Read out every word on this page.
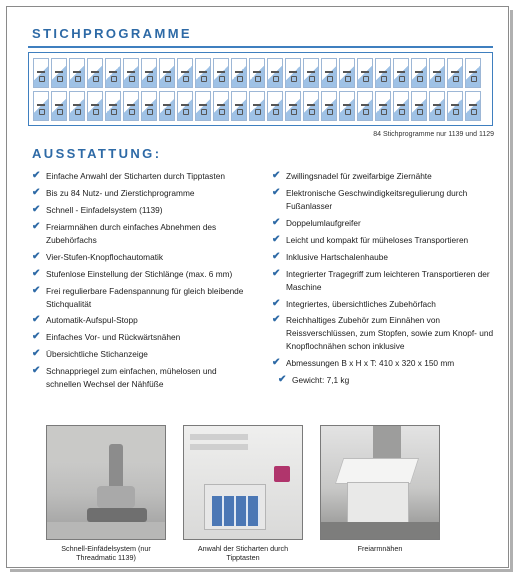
STICHPROGRAMME
84 Stichprogramme nur 1139 und 1129
AUSSTATTUNG:
✔ Einfache Anwahl der Sticharten durch Tipptasten
✔ Bis zu 84 Nutz- und Zierstichprogramme
✔ Schnell - Einfadelsystem (1139)
✔ Freiarmnähen durch einfaches Abnehmen des Zubehörfachs
✔ Vier-Stufen-Knopflochautomatik
✔ Stufenlose Einstellung der Stichlänge (max. 6 mm)
✔ Frei regulierbare Fadenspannung für gleich bleibende Stichqualität
✔ Automatik-Aufspul-Stopp
✔ Einfaches Vor- und Rückwärtsnähen
✔ Übersichtliche Stichanzeige
✔ Schnappriegel zum einfachen, mühelosen und schnellen Wechsel der Nähfüße
✔ Zwillingsnadel für zweifarbige Ziernähte
✔ Elektronische Geschwindigkeitsregulierung durch Fußanlasser
✔ Doppelumlaufgreifer
✔ Leicht und kompakt für müheloses Transportieren
✔ Inklusive Hartschalenhaube
✔ Integrierter Tragegriff zum leichteren Transportieren der Maschine
✔ Integriertes, übersichtliches Zubehörfach
✔ Reichhaltiges Zubehör zum Einnähen von Reissverschlüssen, zum Stopfen, sowie zum Knopf- und Knopflochnähen schon inklusive
✔ Abmessungen B x H x T: 410 x 320 x 150 mm
✔ Gewicht: 7,1 kg
Schnell-Einfädelsystem (nur Threadmatic 1139)
Anwahl der Sticharten durch Tipptasten
Freiarmnähen
